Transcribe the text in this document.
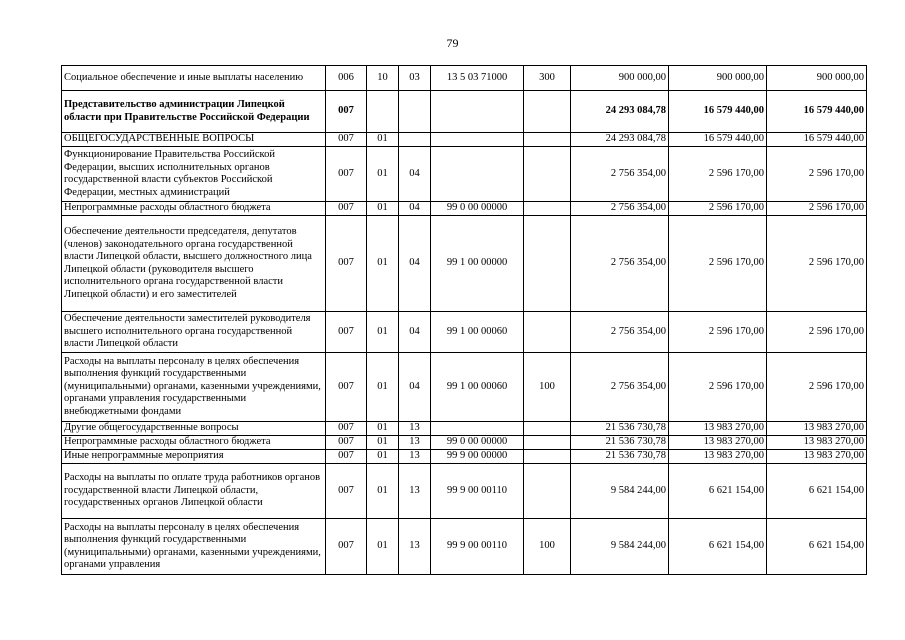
79
Социальное обеспечение и иные выплаты населению	006	10	03	13 5 03 71000	300	900 000,00	900 000,00	900 000,00
Представительство администрации Липецкой области при Правительстве Российской Федерации	007					24 293 084,78	16 579 440,00	16 579 440,00
ОБЩЕГОСУДАРСТВЕННЫЕ ВОПРОСЫ	007	01				24 293 084,78	16 579 440,00	16 579 440,00
Функционирование Правительства Российской Федерации, высших исполнительных органов государственной власти субъектов Российской Федерации, местных администраций	007	01	04			2 756 354,00	2 596 170,00	2 596 170,00
Непрограммные расходы областного бюджета	007	01	04	99 0 00 00000		2 756 354,00	2 596 170,00	2 596 170,00
Обеспечение деятельности председателя, депутатов (членов) законодательного органа государственной власти Липецкой области, высшего должностного лица Липецкой области (руководителя высшего исполнительного органа государственной власти Липецкой области) и его заместителей	007	01	04	99 1 00 00000		2 756 354,00	2 596 170,00	2 596 170,00
Обеспечение деятельности заместителей руководителя высшего исполнительного органа государственной власти Липецкой области	007	01	04	99 1 00 00060		2 756 354,00	2 596 170,00	2 596 170,00
Расходы на выплаты персоналу в целях обеспечения выполнения функций государственными (муниципальными) органами, казенными учреждениями, органами управления государственными внебюджетными фондами	007	01	04	99 1 00 00060	100	2 756 354,00	2 596 170,00	2 596 170,00
Другие общегосударственные вопросы	007	01	13			21 536 730,78	13 983 270,00	13 983 270,00
Непрограммные расходы областного бюджета	007	01	13	99 0 00 00000		21 536 730,78	13 983 270,00	13 983 270,00
Иные непрограммные мероприятия	007	01	13	99 9 00 00000		21 536 730,78	13 983 270,00	13 983 270,00
Расходы на выплаты по оплате труда работников органов государственной власти Липецкой области, государственных органов Липецкой области	007	01	13	99 9 00 00110		9 584 244,00	6 621 154,00	6 621 154,00
Расходы на выплаты персоналу в целях обеспечения выполнения функций государственными (муниципальными) органами, казенными учреждениями, органами управления	007	01	13	99 9 00 00110	100	9 584 244,00	6 621 154,00	6 621 154,00
